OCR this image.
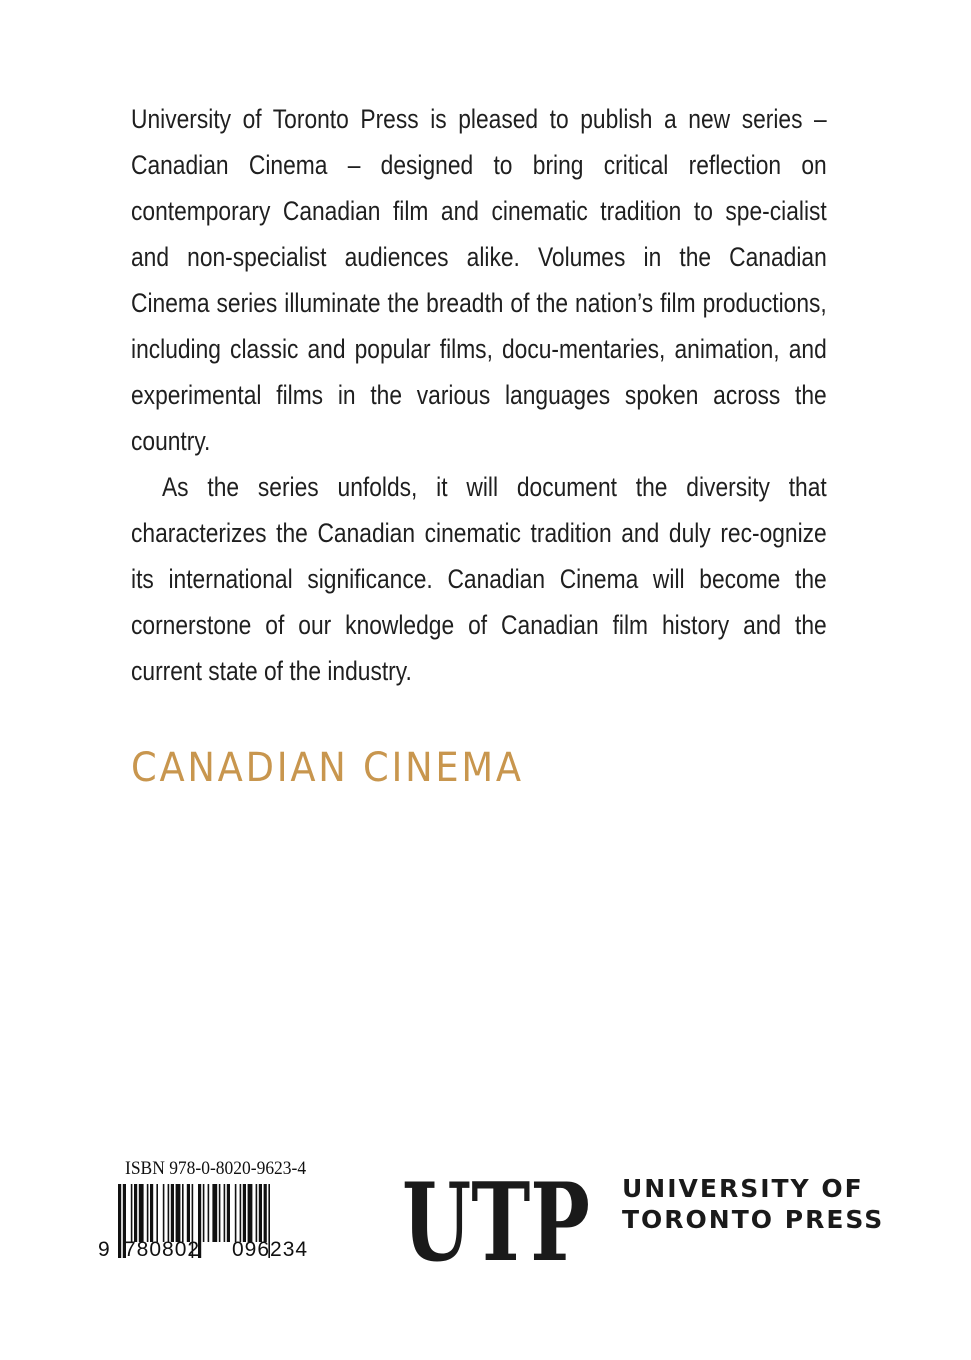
University of Toronto Press is pleased to publish a new series – Canadian Cinema – designed to bring critical reflection on contemporary Canadian film and cinematic tradition to spe-cialist and non-specialist audiences alike. Volumes in the Canadian Cinema series illuminate the breadth of the nation’s film productions, including classic and popular films, docu-mentaries, animation, and experimental films in the various languages spoken across the country.

As the series unfolds, it will document the diversity that characterizes the Canadian cinematic tradition and duly rec-ognize its international significance. Canadian Cinema will become the cornerstone of our knowledge of Canadian film history and the current state of the industry.

CANADIAN CINEMA
ISBN 978-0-8020-9623-4
9 780802 096234 UTP UNIVERSITY OF
TORONTO PRESS
